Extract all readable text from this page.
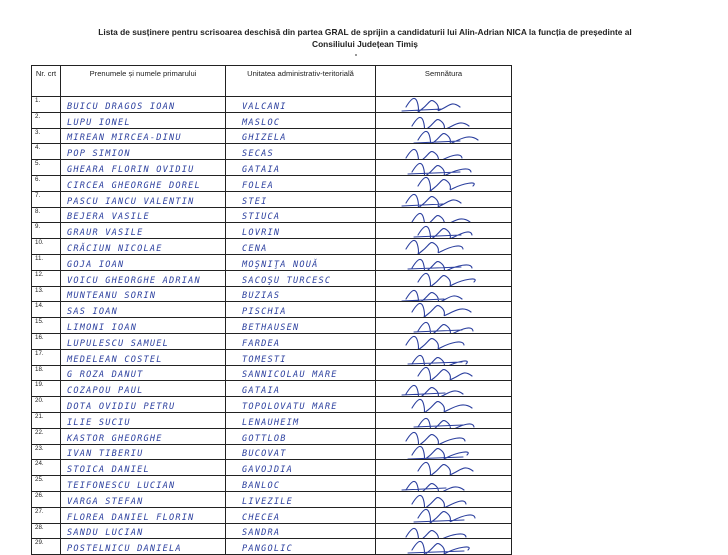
Lista de susținere pentru scrisoarea deschisă din partea GRAL de sprijin a candidaturii lui Alin-Adrian NICA la funcția de președinte al
Consiliului Județean Timiș
Nr. crt	Prenumele și numele primarului	Unitatea administrativ-teritorială	Semnătura
1.	BUICU DRAGOS IOAN	VALCANI	

2.	LUPU IONEL	MASLOC	

3.	MIREAN MIRCEA-DINU	GHIZELA	

4.	POP SIMION	SECAS	

5.	GHEARA FLORIN OVIDIU	GATAIA	

6.	CIRCEA GHEORGHE DOREL	FOLEA	

7.	PASCU IANCU VALENTIN	STEI	

8.	BEJERA VASILE	STIUCA	

9.	GRAUR VASILE	LOVRIN	

10.	CRĂCIUN NICOLAE	CENA	

11.	GOJA IOAN	MOŞNIŢA NOUĂ	

12.	VOICU GHEORGHE ADRIAN	SACOŞU TURCESC	

13.	MUNTEANU SORIN	BUZIAS	

14.	SAS IOAN	PISCHIA	

15.	LIMONI IOAN	BETHAUSEN	

16.	LUPULESCU SAMUEL	FARDEA	

17.	MEDELEAN COSTEL	TOMESTI	

18.	G ROZA DANUT	SANNICOLAU MARE	

19.	COZAPOU PAUL	GATAIA	

20.	DOTA OVIDIU PETRU	TOPOLOVATU MARE	

21.	ILIE SUCIU	LENAUHEIM	

22.	KASTOR GHEORGHE	GOTTLOB	

23.	IVAN TIBERIU	BUCOVAT	

24.	STOICA DANIEL	GAVOJDIA	

25.	TEIFONESCU LUCIAN	BANLOC	

26.	VARGA STEFAN	LIVEZILE	

27.	FLOREA DANIEL FLORIN	CHECEA	

28.	SANDU LUCIAN	SANDRA	

29.	POSTELNICU DANIELA	PANGOLIC	
